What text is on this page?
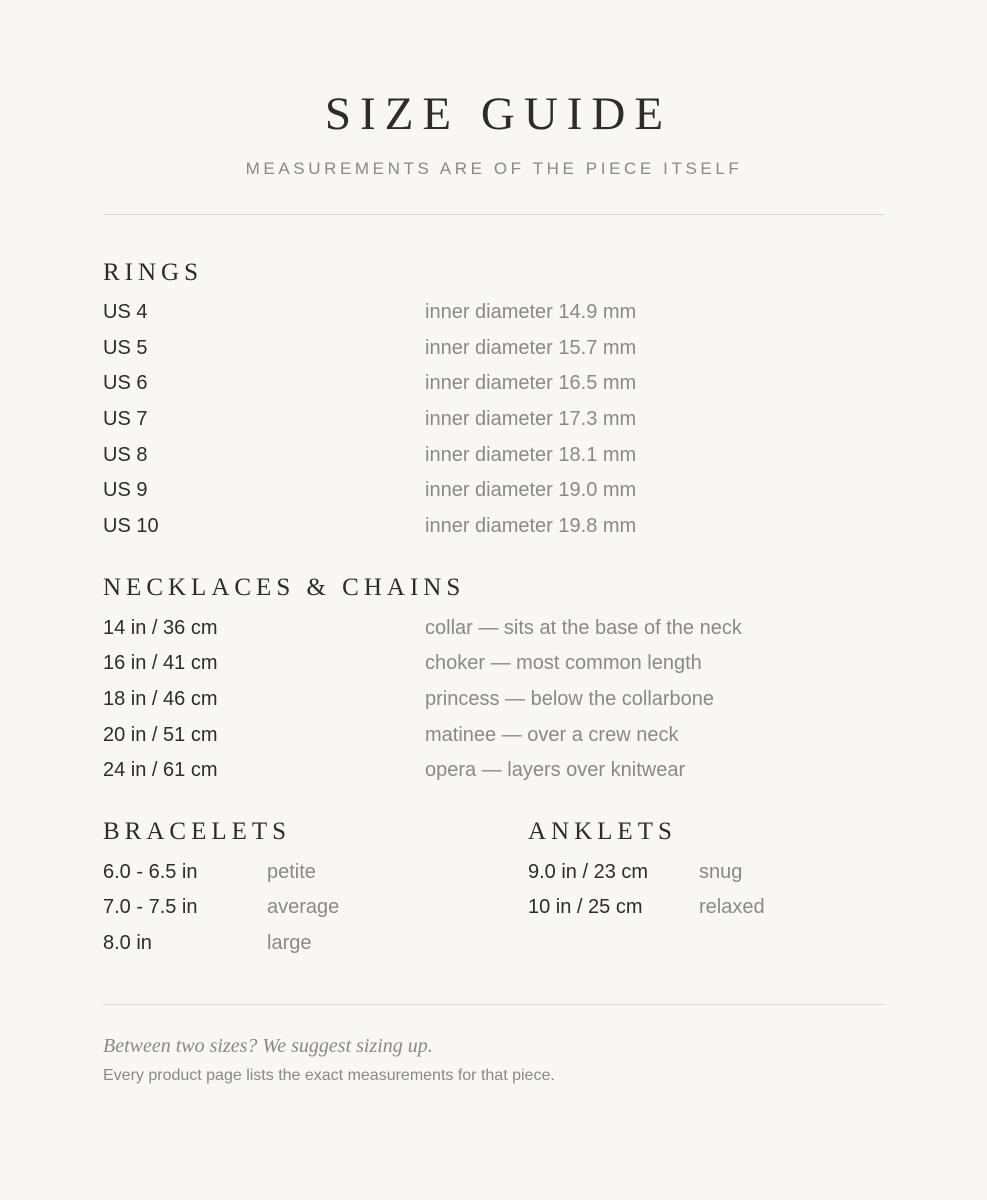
SIZE GUIDE
MEASUREMENTS ARE OF THE PIECE ITSELF
RINGS
US 4	inner diameter 14.9 mm
US 5	inner diameter 15.7 mm
US 6	inner diameter 16.5 mm
US 7	inner diameter 17.3 mm
US 8	inner diameter 18.1 mm
US 9	inner diameter 19.0 mm
US 10	inner diameter 19.8 mm
NECKLACES & CHAINS
14 in / 36 cm	collar — sits at the base of the neck
16 in / 41 cm	choker — most common length
18 in / 46 cm	princess — below the collarbone
20 in / 51 cm	matinee — over a crew neck
24 in / 61 cm	opera — layers over knitwear
BRACELETS
6.0 - 6.5 in	petite
7.0 - 7.5 in	average
8.0 in	large
ANKLETS
9.0 in / 23 cm	snug
10 in / 25 cm	relaxed
Between two sizes? We suggest sizing up.
Every product page lists the exact measurements for that piece.
